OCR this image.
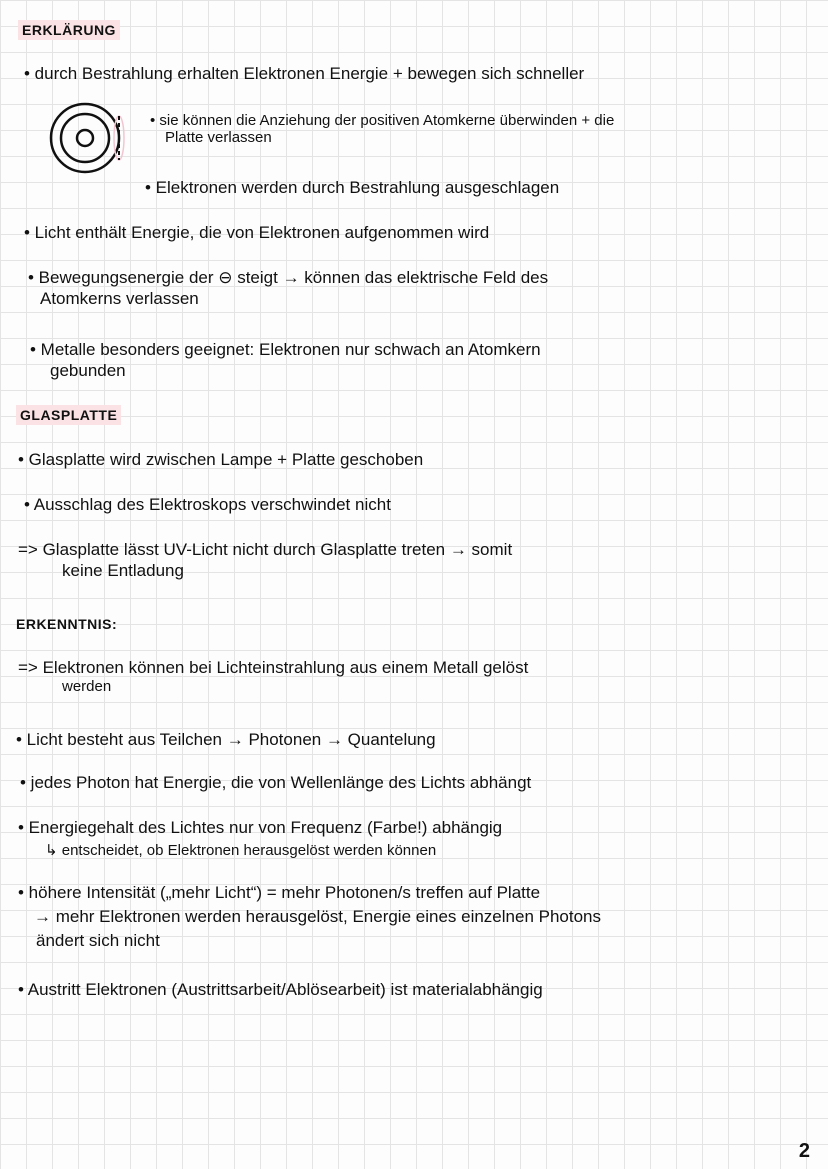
ERKLÄRUNG
• durch Bestrahlung erhalten Elektronen Energie + bewegen sich schneller
• sie können die Anziehung der positiven Atomkerne überwinden + die
Platte verlassen
• Elektronen werden durch Bestrahlung ausgeschlagen
• Licht enthält Energie, die von Elektronen aufgenommen wird
• Bewegungsenergie der ⊖ steigt → können das elektrische Feld des
Atomkerns verlassen
• Metalle besonders geeignet: Elektronen nur schwach an Atomkern
gebunden
GLASPLATTE
• Glasplatte wird zwischen Lampe + Platte geschoben
• Ausschlag des Elektroskops verschwindet nicht
=> Glasplatte lässt UV-Licht nicht durch Glasplatte treten → somit
keine Entladung
ERKENNTNIS:
=> Elektronen können bei Lichteinstrahlung aus einem Metall gelöst
werden
• Licht besteht aus Teilchen → Photonen → Quantelung
• jedes Photon hat Energie, die von Wellenlänge des Lichts abhängt
• Energiegehalt des Lichtes nur von Frequenz (Farbe!) abhängig
↳ entscheidet, ob Elektronen herausgelöst werden können
• höhere Intensität („mehr Licht“) = mehr Photonen/s treffen auf Platte
→ mehr Elektronen werden herausgelöst, Energie eines einzelnen Photons
ändert sich nicht
• Austritt Elektronen (Austrittsarbeit/Ablösearbeit) ist materialabhängig
2
